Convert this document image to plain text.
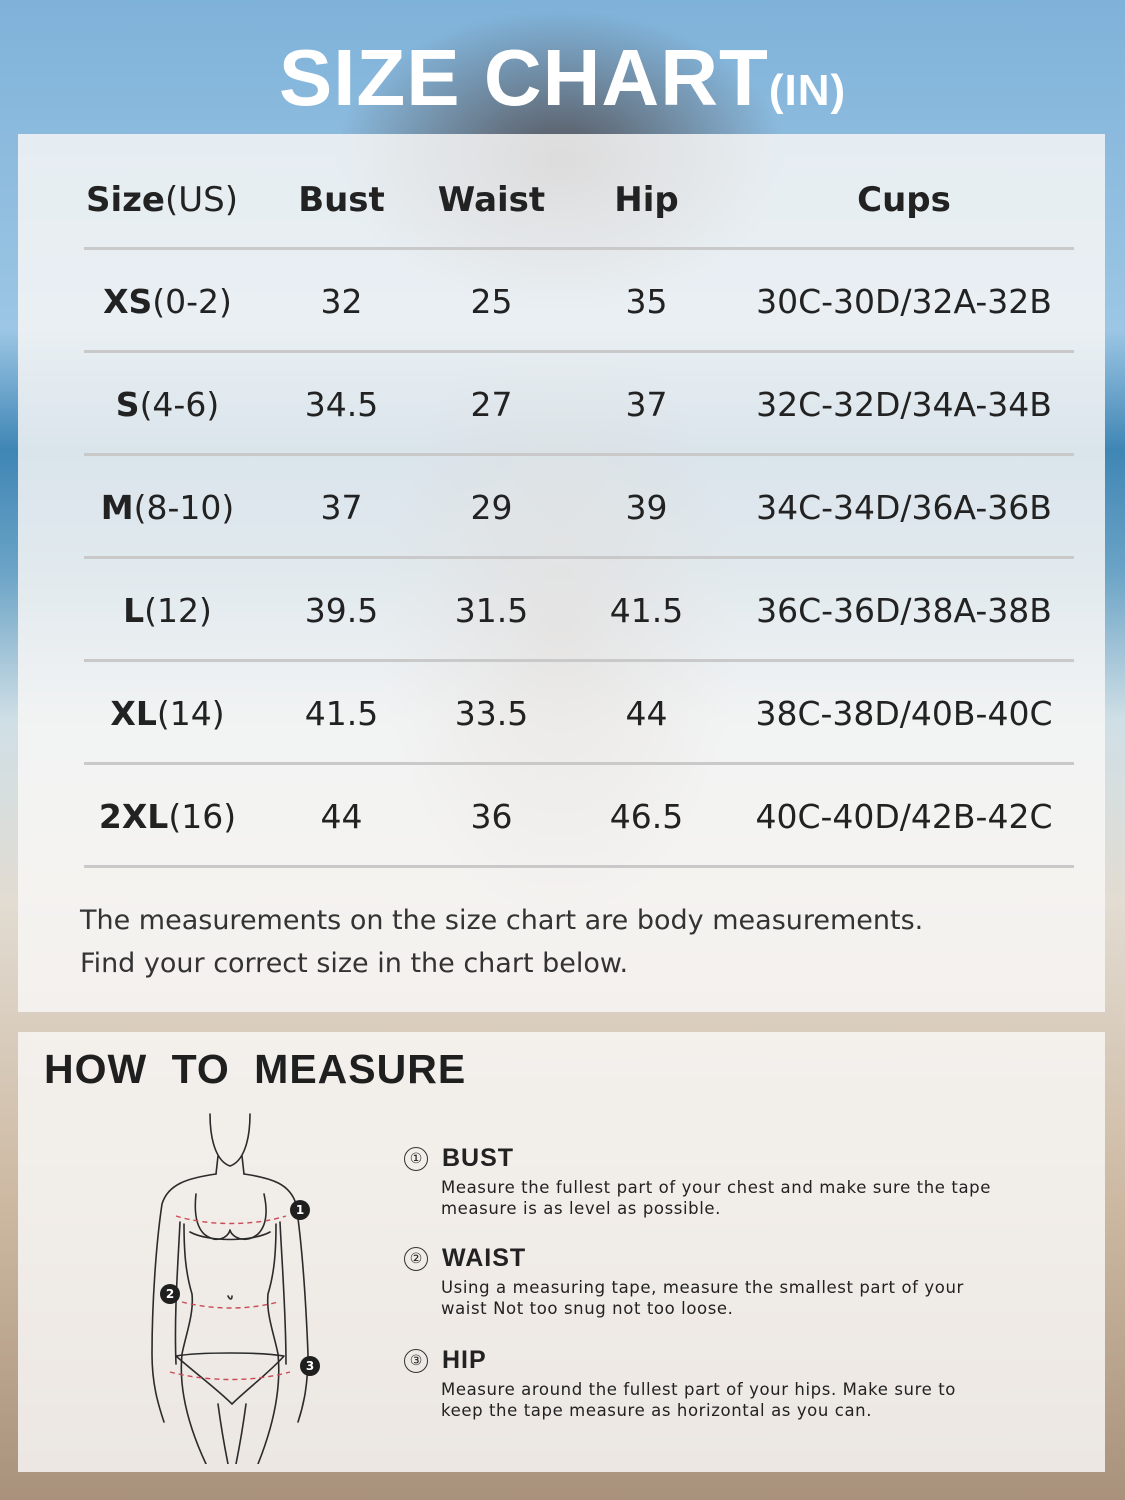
SIZE CHART(IN)
Size (US)	Bust	Waist	Hip	Cups
XS (0-2)	32	25	35	30C-30D/32A-32B
S (4-6)	34.5	27	37	32C-32D/34A-34B
M (8-10)	37	29	39	34C-34D/36A-36B
L (12)	39.5	31.5	41.5	36C-36D/38A-38B
XL (14)	41.5	33.5	44	38C-38D/40B-40C
2XL (16)	44	36	46.5	40C-40D/42B-42C
The measurements on the size chart are body measurements.
Find your correct size in the chart below.
HOW TO MEASURE
1
2
3
① BUST
Measure the fullest part of your chest and make sure the tape
measure is as level as possible.
② WAIST
Using a measuring tape, measure the smallest part of your
waist Not too snug not too loose.
③ HIP
Measure around the fullest part of your hips. Make sure to
keep the tape measure as horizontal as you can.
